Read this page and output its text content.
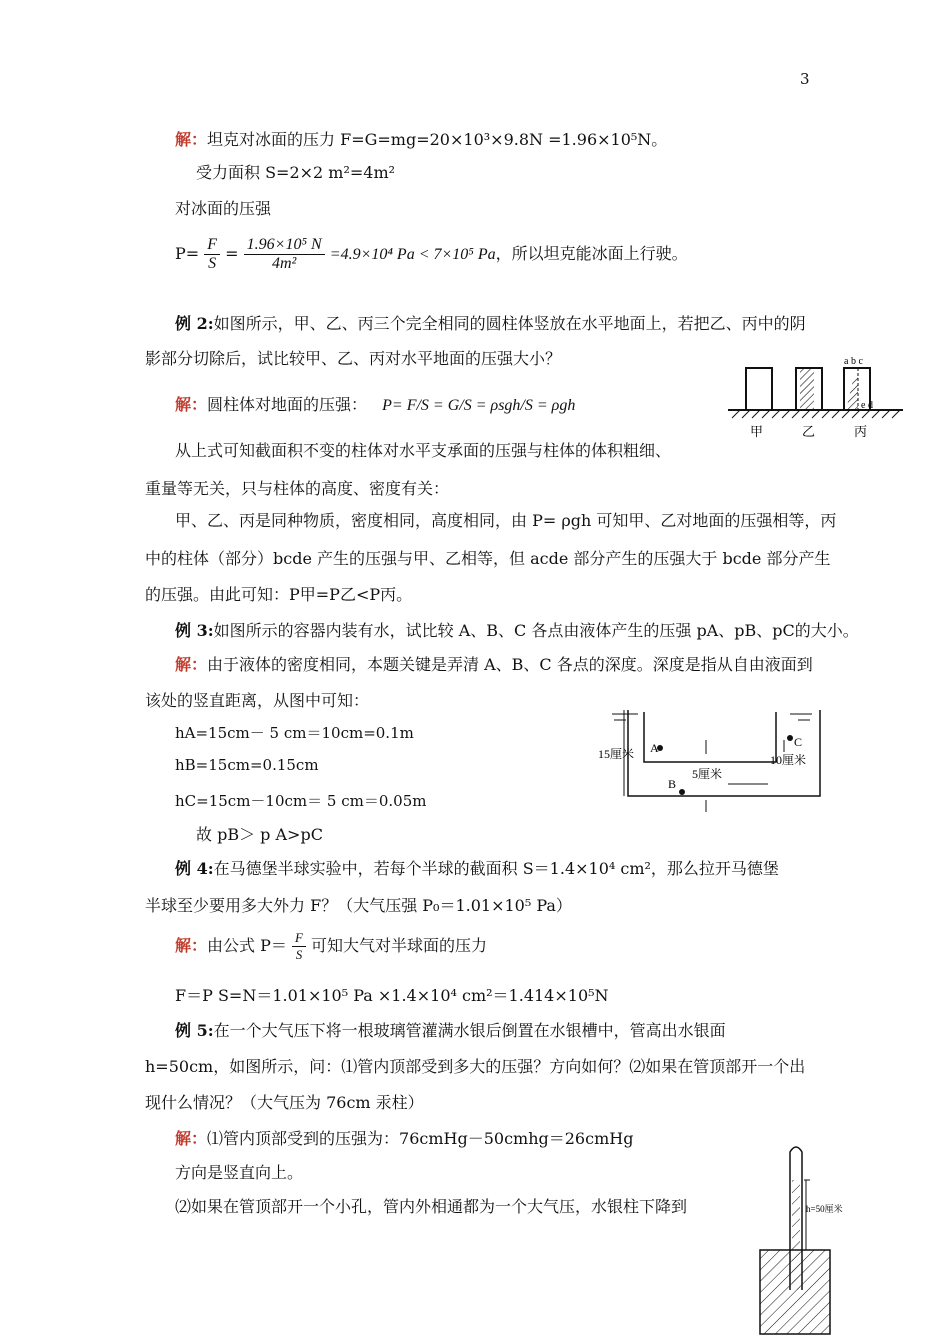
3
解：坦克对冰面的压力 F=G=mg=20×10³×9.8N =1.96×10⁵N。
受力面积 S=2×2 m²=4m²
对冰面的压强
$P= \frac{F}{S} = \frac{\text{1.96×10⁵ N}}{\text{4m²}} =4.9\times 10^4$ Pa < 7×10⁵ Pa，所以坦克能冰面上行驶。
例 2:如图所示，甲、乙、丙三个完全相同的圆柱体竖放在水平地面上，若把乙、丙中的阴
影部分切除后，试比较甲、乙、丙对水平地面的压强大小？
解：圆柱体对地面的压强： P= F/S = G/S = ρsgh/S = ρgh
从上式可知截面积不变的柱体对水平支承面的压强与柱体的体积粗细、
重量等无关，只与柱体的高度、密度有关：
甲、乙、丙是同种物质，密度相同，高度相同，由 P= ρgh 可知甲、乙对地面的压强相等，丙
中的柱体（部分）bcde 产生的压强与甲、乙相等，但 acde 部分产生的压强大于 bcde 部分产生
的压强。由此可知：P甲=P乙<P丙。
a b c
e d
甲	乙	丙
例 3:如图所示的容器内装有水，试比较 A、B、C 各点由液体产生的压强 pA、pB、pC的大小。
解：由于液体的密度相同，本题关键是弄清 A、B、C 各点的深度。深度是指从自由液面到
该处的竖直距离，从图中可知：
hA=15cm－ 5 cm＝10cm=0.1m
hB=15cm=0.15cm
hC=15cm－10cm＝ 5 cm＝0.05m
故 pB＞ p A>pC
15厘米 A
B
C
10厘米
5厘米
例 4:在马德堡半球实验中，若每个半球的截面积 S＝1.4×10⁴ cm²，那么拉开马德堡
半球至少要用多大外力 F？（大气压强 P₀＝1.01×10⁵ Pa）
解：由公式 $P= \frac{F}{S}$ 可知大气对半球面的压力
F＝P S=N＝1.01×10⁵ Pa ×1.4×10⁴ cm²＝1.414×10⁵N
例 5:在一个大气压下将一根玻璃管灌满水银后倒置在水银槽中，管高出水银面
h=50cm，如图所示，问：⑴管内顶部受到多大的压强？方向如何？⑵如果在管顶部开一个出
现什么情况？（大气压为 76cm 汞柱）
解：⑴管内顶部受到的压强为：76cmHg－50cmhg＝26cmHg
方向是竖直向上。
⑵如果在管顶部开一个小孔，管内外相通都为一个大气压，水银柱下降到	h=50厘米
